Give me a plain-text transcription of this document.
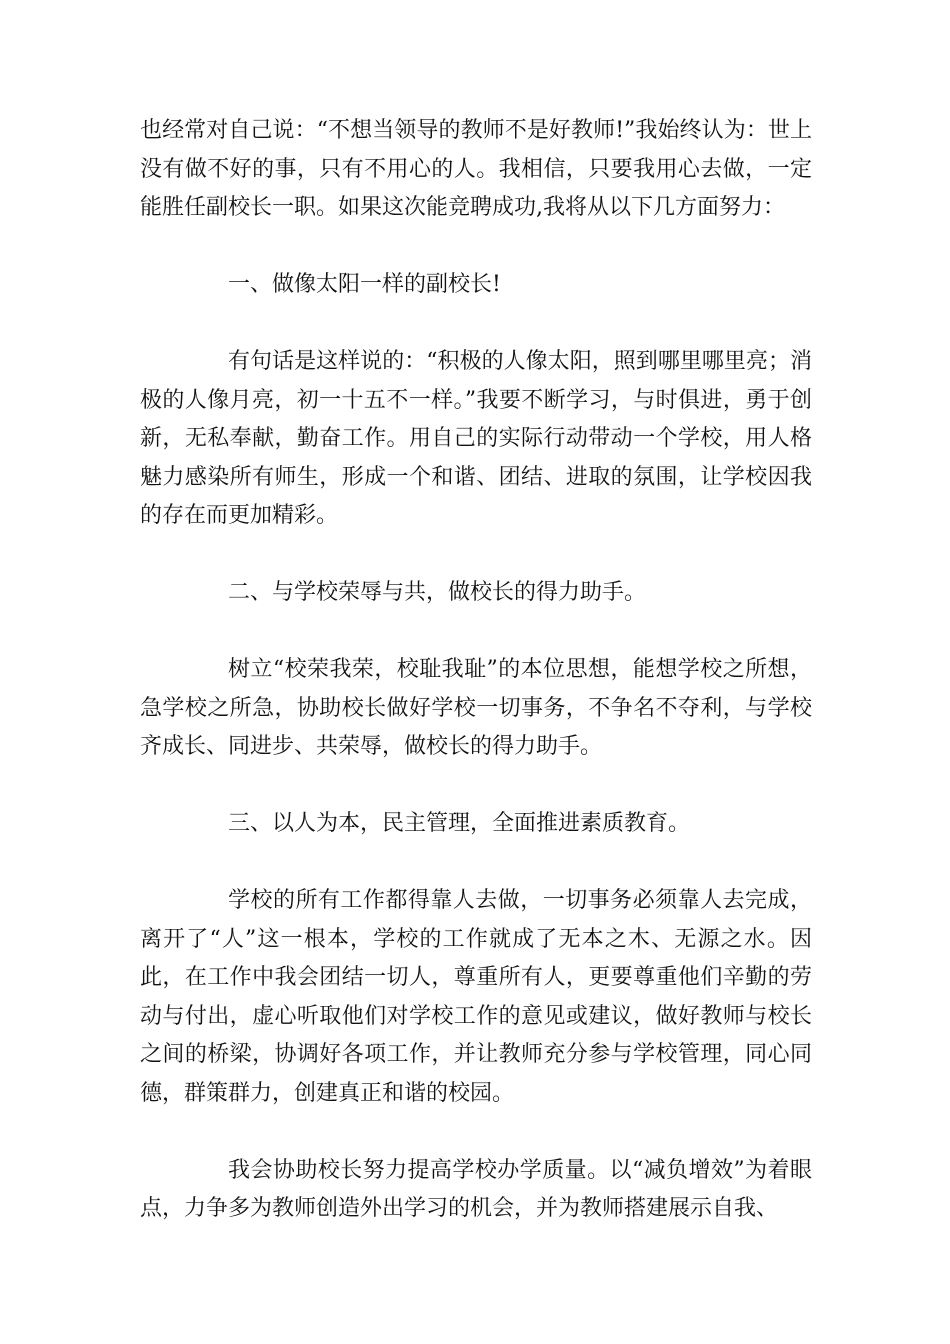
也经常对自己说：“不想当领导的教师不是好教师!”我始终认为：世上没有做不好的事，只有不用心的人。我相信，只要我用心去做，一定能胜任副校长一职。如果这次能竞聘成功,我将从以下几方面努力：

一、做像太阳一样的副校长!

有句话是这样说的：“积极的人像太阳，照到哪里哪里亮；消极的人像月亮，初一十五不一样。”我要不断学习，与时俱进，勇于创新，无私奉献，勤奋工作。用自己的实际行动带动一个学校，用人格魅力感染所有师生，形成一个和谐、团结、进取的氛围，让学校因我的存在而更加精彩。

二、与学校荣辱与共，做校长的得力助手。

树立“校荣我荣，校耻我耻”的本位思想，能想学校之所想，急学校之所急，协助校长做好学校一切事务，不争名不夺利，与学校齐成长、同进步、共荣辱，做校长的得力助手。

三、以人为本，民主管理，全面推进素质教育。

学校的所有工作都得靠人去做，一切事务必须靠人去完成，离开了“人”这一根本，学校的工作就成了无本之木、无源之水。因此，在工作中我会团结一切人，尊重所有人，更要尊重他们辛勤的劳动与付出，虚心听取他们对学校工作的意见或建议，做好教师与校长之间的桥梁，协调好各项工作，并让教师充分参与学校管理，同心同德，群策群力，创建真正和谐的校园。

我会协助校长努力提高学校办学质量。以“减负增效”为着眼点，力争多为教师创造外出学习的机会，并为教师搭建展示自我、
